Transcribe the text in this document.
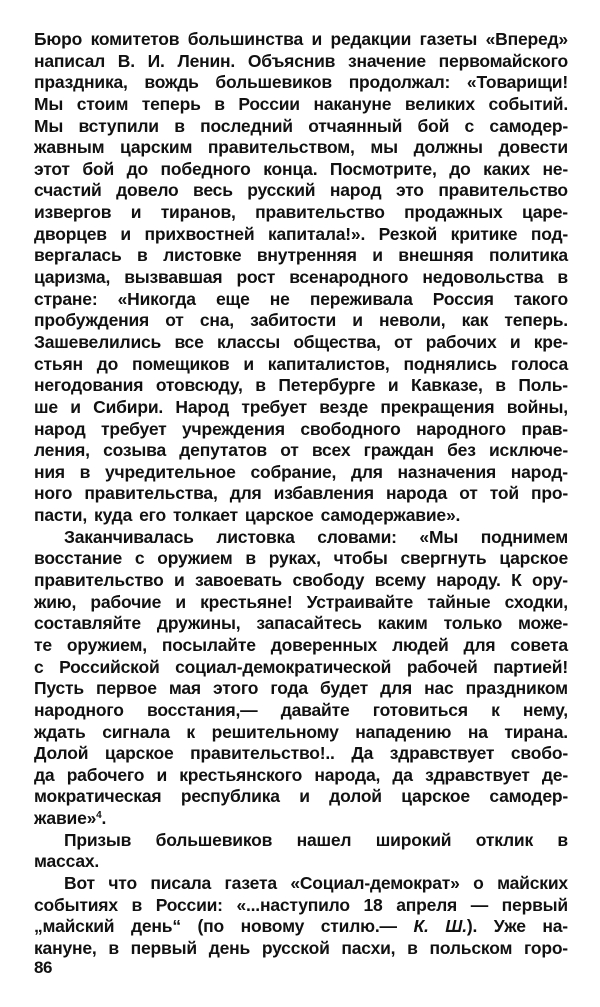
Бюро комитетов большинства и редакции газеты «Вперед»
написал В. И. Ленин. Объяснив значение первомайского
праздника, вождь большевиков продолжал: «Товарищи!
Мы стоим теперь в России накануне великих событий.
Мы вступили в последний отчаянный бой с самодер-
жавным царским правительством, мы должны довести
этот бой до победного конца. Посмотрите, до каких не-
счастий довело весь русский народ это правительство
извергов и тиранов, правительство продажных царе-
дворцев и прихвостней капитала!». Резкой критике под-
вергалась в листовке внутренняя и внешняя политика
царизма, вызвавшая рост всенародного недовольства в
стране: «Никогда еще не переживала Россия такого
пробуждения от сна, забитости и неволи, как теперь.
Зашевелились все классы общества, от рабочих и кре-
стьян до помещиков и капиталистов, поднялись голоса
негодования отовсюду, в Петербурге и Кавказе, в Поль-
ше и Сибири. Народ требует везде прекращения войны,
народ требует учреждения свободного народного прав-
ления, созыва депутатов от всех граждан без исключе-
ния в учредительное собрание, для назначения народ-
ного правительства, для избавления народа от той про-
пасти, куда его толкает царское самодержавие».
Заканчивалась листовка словами: «Мы поднимем
восстание с оружием в руках, чтобы свергнуть царское
правительство и завоевать свободу всему народу. К ору-
жию, рабочие и крестьяне! Устраивайте тайные сходки,
составляйте дружины, запасайтесь каким только може-
те оружием, посылайте доверенных людей для совета
с Российской социал-демократической рабочей партией!
Пусть первое мая этого года будет для нас праздником
народного восстания,— давайте готовиться к нему,
ждать сигнала к решительному нападению на тирана.
Долой царское правительство!.. Да здравствует свобо-
да рабочего и крестьянского народа, да здравствует де-
мократическая республика и долой царское самодер-
жавие»$^4$.
Призыв большевиков нашел широкий отклик в
массах.
Вот что писала газета «Социал-демократ» о майских
событиях в России: «...наступило 18 апреля — первый
„майский день“ (по новому стилю.— К. Ш.). Уже на-
кануне, в первый день русской пасхи, в польском горо-
86
